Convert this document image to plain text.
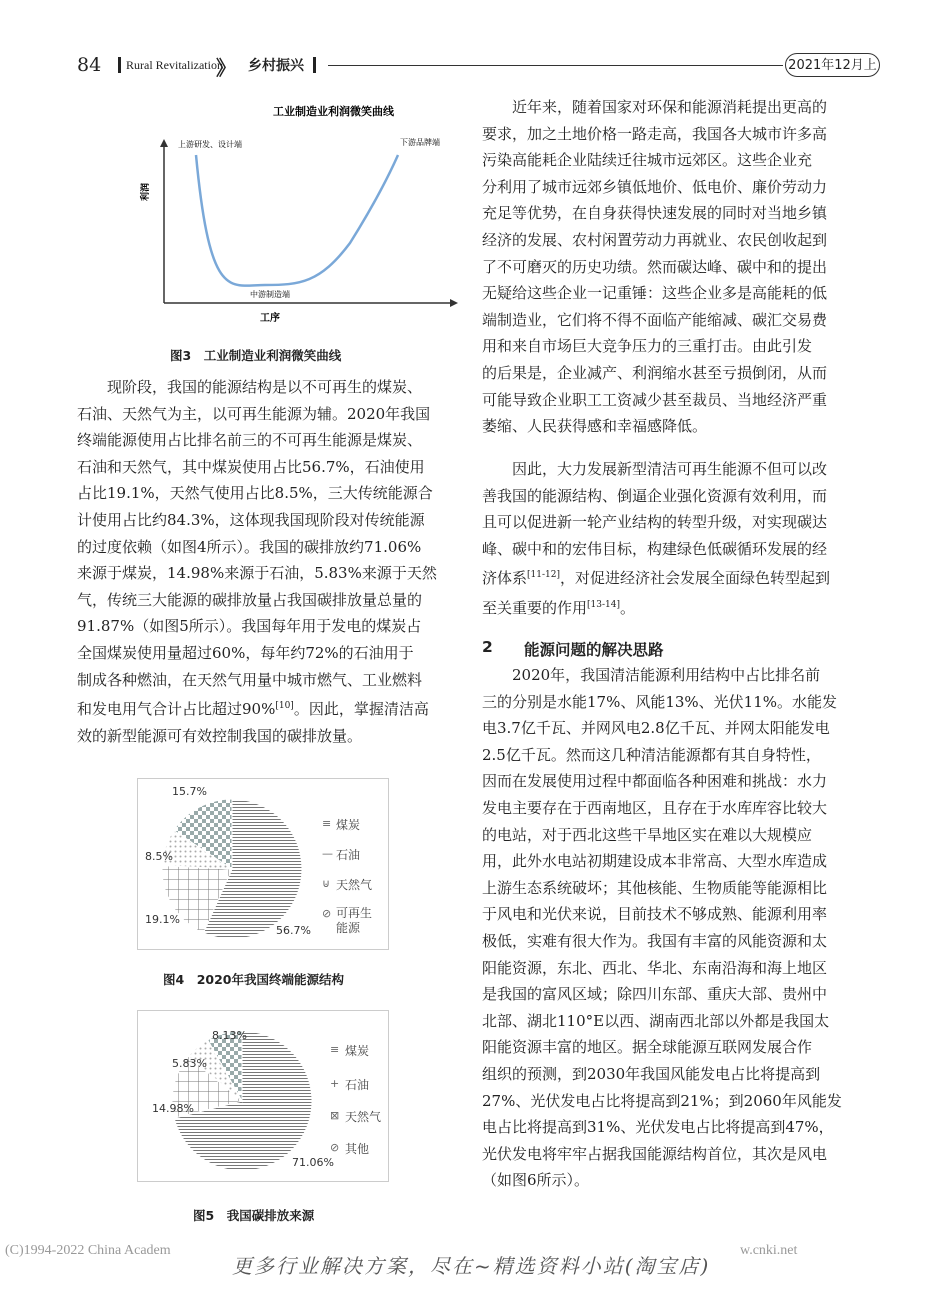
84 Rural Revitalization
》 乡村振兴	2021年12月上
工业制造业利润微笑曲线
上游研发、设计端	下游品牌端
利润
中游制造端
工序
图3　工业制造业利润微笑曲线
现阶段，我国的能源结构是以不可再生的煤炭、
石油、天然气为主，以可再生能源为辅。2020年我国
终端能源使用占比排名前三的不可再生能源是煤炭、
石油和天然气，其中煤炭使用占比56.7%，石油使用
占比19.1%，天然气使用占比8.5%，三大传统能源合
计使用占比约84.3%，这体现我国现阶段对传统能源
的过度依赖（如图4所示）。我国的碳排放约71.06%
来源于煤炭，14.98%来源于石油，5.83%来源于天然
气，传统三大能源的碳排放量占我国碳排放量总量的
91.87%（如图5所示）。我国每年用于发电的煤炭占
全国煤炭使用量超过60%，每年约72%的石油用于
制成各种燃油，在天然气用量中城市燃气、工业燃料
和发电用气合计占比超过90%[10]。因此，掌握清洁高
效的新型能源可有效控制我国的碳排放量。
15.7%
8.5%
19.1%
56.7%
≡ 煤炭
— 石油
⊍ 天然气
⊘ 可再生能源
图4　2020年我国终端能源结构
8.13%
5.83%
14.98%
71.06%
≡ 煤炭
+ 石油
⊠ 天然气
⊘ 其他
图5　我国碳排放来源
近年来，随着国家对环保和能源消耗提出更高的
要求，加之土地价格一路走高，我国各大城市许多高
污染高能耗企业陆续迁往城市远郊区。这些企业充
分利用了城市远郊乡镇低地价、低电价、廉价劳动力
充足等优势，在自身获得快速发展的同时对当地乡镇
经济的发展、农村闲置劳动力再就业、农民创收起到
了不可磨灭的历史功绩。然而碳达峰、碳中和的提出
无疑给这些企业一记重锤：这些企业多是高能耗的低
端制造业，它们将不得不面临产能缩减、碳汇交易费
用和来自市场巨大竞争压力的三重打击。由此引发
的后果是，企业减产、利润缩水甚至亏损倒闭，从而
可能导致企业职工工资减少甚至裁员、当地经济严重
萎缩、人民获得感和幸福感降低。
因此，大力发展新型清洁可再生能源不但可以改
善我国的能源结构、倒逼企业强化资源有效利用，而
且可以促进新一轮产业结构的转型升级，对实现碳达
峰、碳中和的宏伟目标，构建绿色低碳循环发展的经
济体系[11-12]，对促进经济社会发展全面绿色转型起到
至关重要的作用[13-14]。
2 能源问题的解决思路
2020年，我国清洁能源利用结构中占比排名前
三的分别是水能17%、风能13%、光伏11%。水能发
电3.7亿千瓦、并网风电2.8亿千瓦、并网太阳能发电
2.5亿千瓦。然而这几种清洁能源都有其自身特性，
因而在发展使用过程中都面临各种困难和挑战：水力
发电主要存在于西南地区，且存在于水库库容比较大
的电站，对于西北这些干旱地区实在难以大规模应
用，此外水电站初期建设成本非常高、大型水库造成
上游生态系统破坏；其他核能、生物质能等能源相比
于风电和光伏来说，目前技术不够成熟、能源利用率
极低，实难有很大作为。我国有丰富的风能资源和太
阳能资源，东北、西北、华北、东南沿海和海上地区
是我国的富风区域；除四川东部、重庆大部、贵州中
北部、湖北110°E以西、湖南西北部以外都是我国太
阳能资源丰富的地区。据全球能源互联网发展合作
组织的预测，到2030年我国风能发电占比将提高到
27%、光伏发电占比将提高到21%；到2060年风能发
电占比将提高到31%、光伏发电占比将提高到47%，
光伏发电将牢牢占据我国能源结构首位，其次是风电
（如图6所示）。
(C)1994-2022 China Academ	w.cnki.net
更多行业解决方案，尽在~精选资料小站(淘宝店)
